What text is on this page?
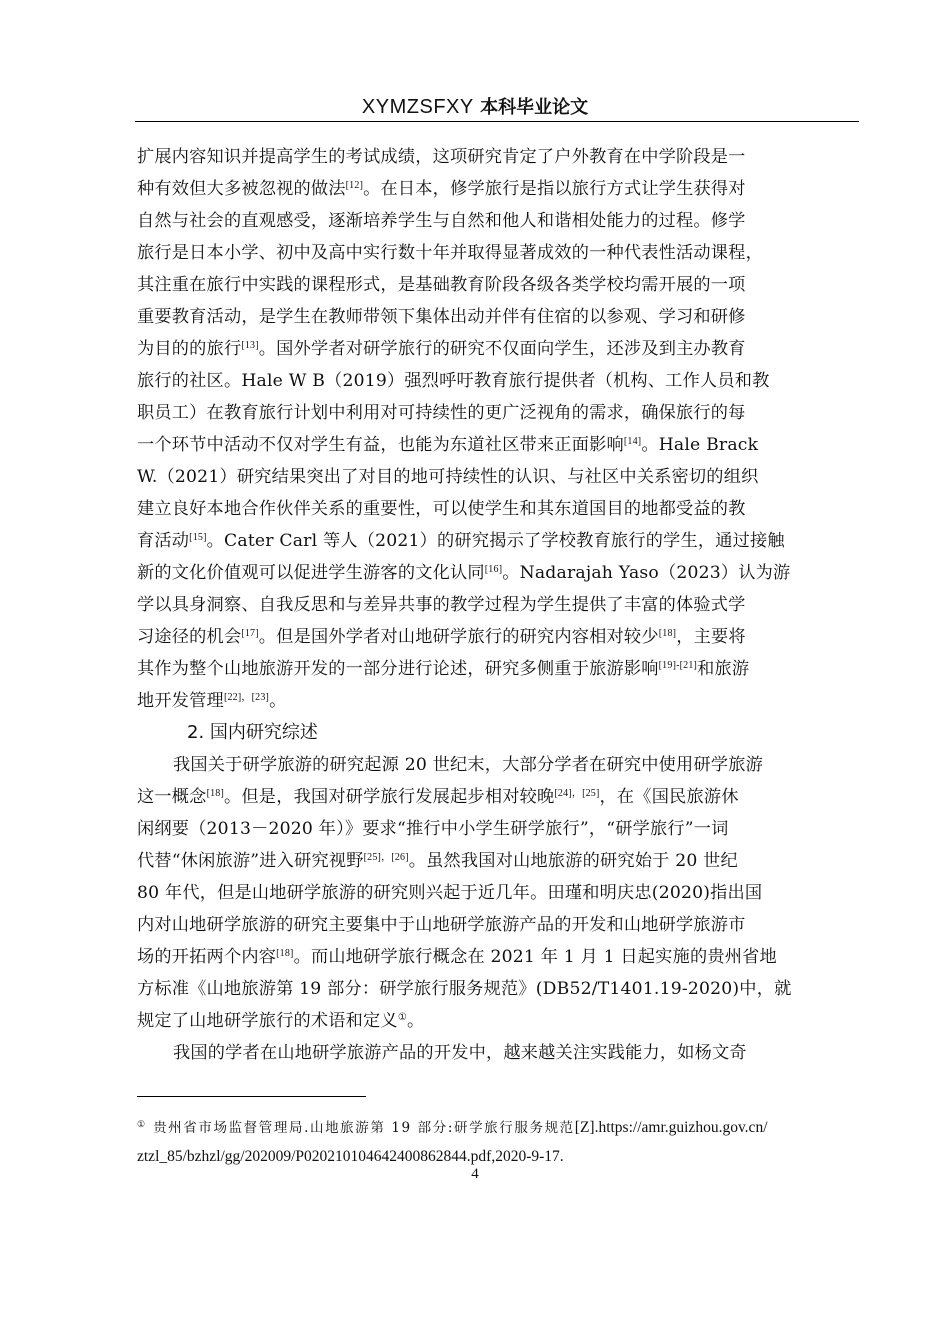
XYMZSFXY 本科毕业论文
扩展内容知识并提高学生的考试成绩，这项研究肯定了户外教育在中学阶段是一
种有效但大多被忽视的做法[12]。在日本，修学旅行是指以旅行方式让学生获得对
自然与社会的直观感受，逐渐培养学生与自然和他人和谐相处能力的过程。修学
旅行是日本小学、初中及高中实行数十年并取得显著成效的一种代表性活动课程，
其注重在旅行中实践的课程形式，是基础教育阶段各级各类学校均需开展的一项
重要教育活动，是学生在教师带领下集体出动并伴有住宿的以参观、学习和研修
为目的的旅行[13]。国外学者对研学旅行的研究不仅面向学生，还涉及到主办教育
旅行的社区。Hale W B（2019）强烈呼吁教育旅行提供者（机构、工作人员和教
职员工）在教育旅行计划中利用对可持续性的更广泛视角的需求，确保旅行的每
一个环节中活动不仅对学生有益，也能为东道社区带来正面影响[14]。Hale Brack
W.（2021）研究结果突出了对目的地可持续性的认识、与社区中关系密切的组织
建立良好本地合作伙伴关系的重要性，可以使学生和其东道国目的地都受益的教
育活动[15]。Cater Carl 等人（2021）的研究揭示了学校教育旅行的学生，通过接触
新的文化价值观可以促进学生游客的文化认同[16]。Nadarajah Yaso（2023）认为游
学以具身洞察、自我反思和与差异共事的教学过程为学生提供了丰富的体验式学
习途径的机会[17]。但是国外学者对山地研学旅行的研究内容相对较少[18]，主要将
其作为整个山地旅游开发的一部分进行论述，研究多侧重于旅游影响[19]-[21]和旅游
地开发管理[22]，[23]。
2. 国内研究综述
我国关于研学旅游的研究起源 20 世纪末，大部分学者在研究中使用研学旅游
这一概念[18]。但是，我国对研学旅行发展起步相对较晚[24]，[25]，在《国民旅游休
闲纲要（2013－2020 年）》要求“推行中小学生研学旅行”，“研学旅行”一词
代替“休闲旅游”进入研究视野[25]，[26]。虽然我国对山地旅游的研究始于 20 世纪
80 年代，但是山地研学旅游的研究则兴起于近几年。田瑾和明庆忠(2020)指出国
内对山地研学旅游的研究主要集中于山地研学旅游产品的开发和山地研学旅游市
场的开拓两个内容[18]。而山地研学旅行概念在 2021 年 1 月 1 日起实施的贵州省地
方标准《山地旅游第 19 部分：研学旅行服务规范》(DB52/T1401.19-2020)中，就
规定了山地研学旅行的术语和定义①。
我国的学者在山地研学旅游产品的开发中，越来越关注实践能力，如杨文奇
① 贵州省市场监督管理局.山地旅游第 19 部分:研学旅行服务规范[Z].https://amr.guizhou.gov.cn/
ztzl_85/bzhzl/gg/202009/P020210104642400862844.pdf,2020-9-17.
4
